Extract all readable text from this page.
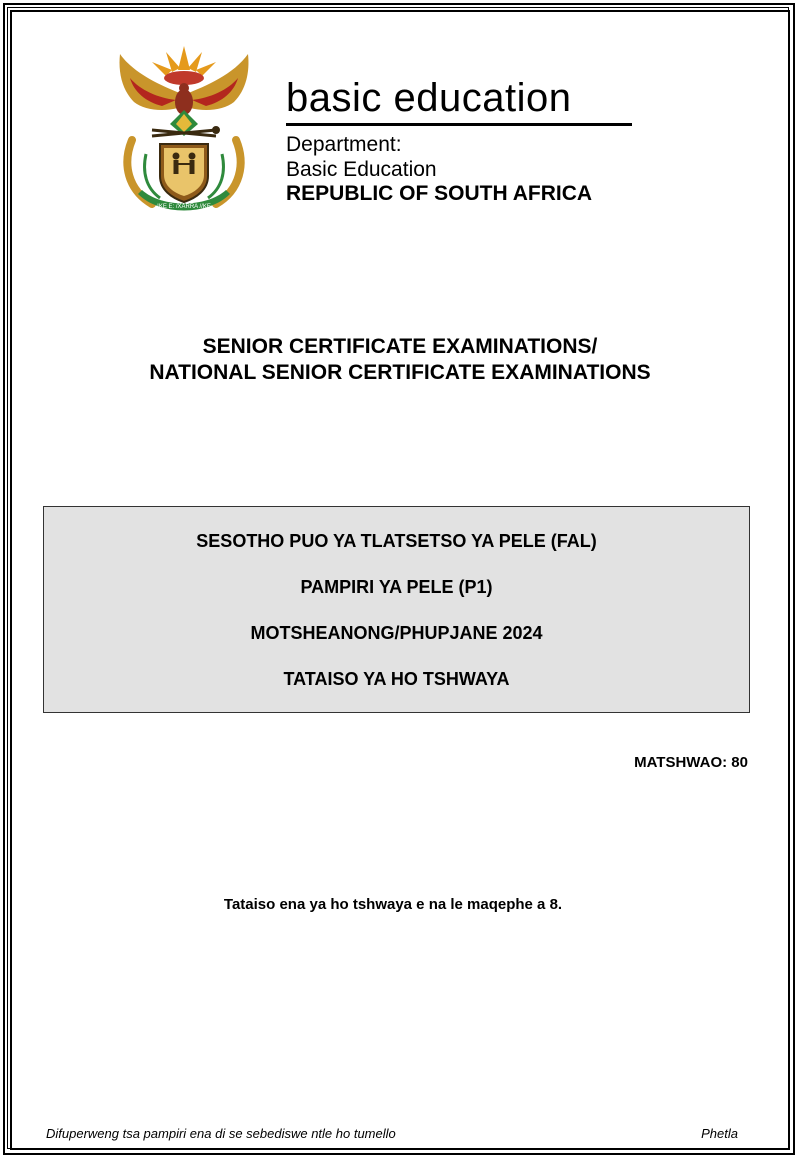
!KE E: /XARRA //KE
basic education
Department:
Basic Education
REPUBLIC OF SOUTH AFRICA
SENIOR CERTIFICATE EXAMINATIONS/
NATIONAL SENIOR CERTIFICATE EXAMINATIONS
SESOTHO PUO YA TLATSETSO YA PELE (FAL)
PAMPIRI YA PELE (P1)
MOTSHEANONG/PHUPJANE 2024
TATAISO YA HO TSHWAYA
MATSHWAO: 80
Tataiso ena ya ho tshwaya e na le maqephe a 8.
Difuperweng tsa pampiri ena di se sebediswe ntle ho tumello	Phetla
